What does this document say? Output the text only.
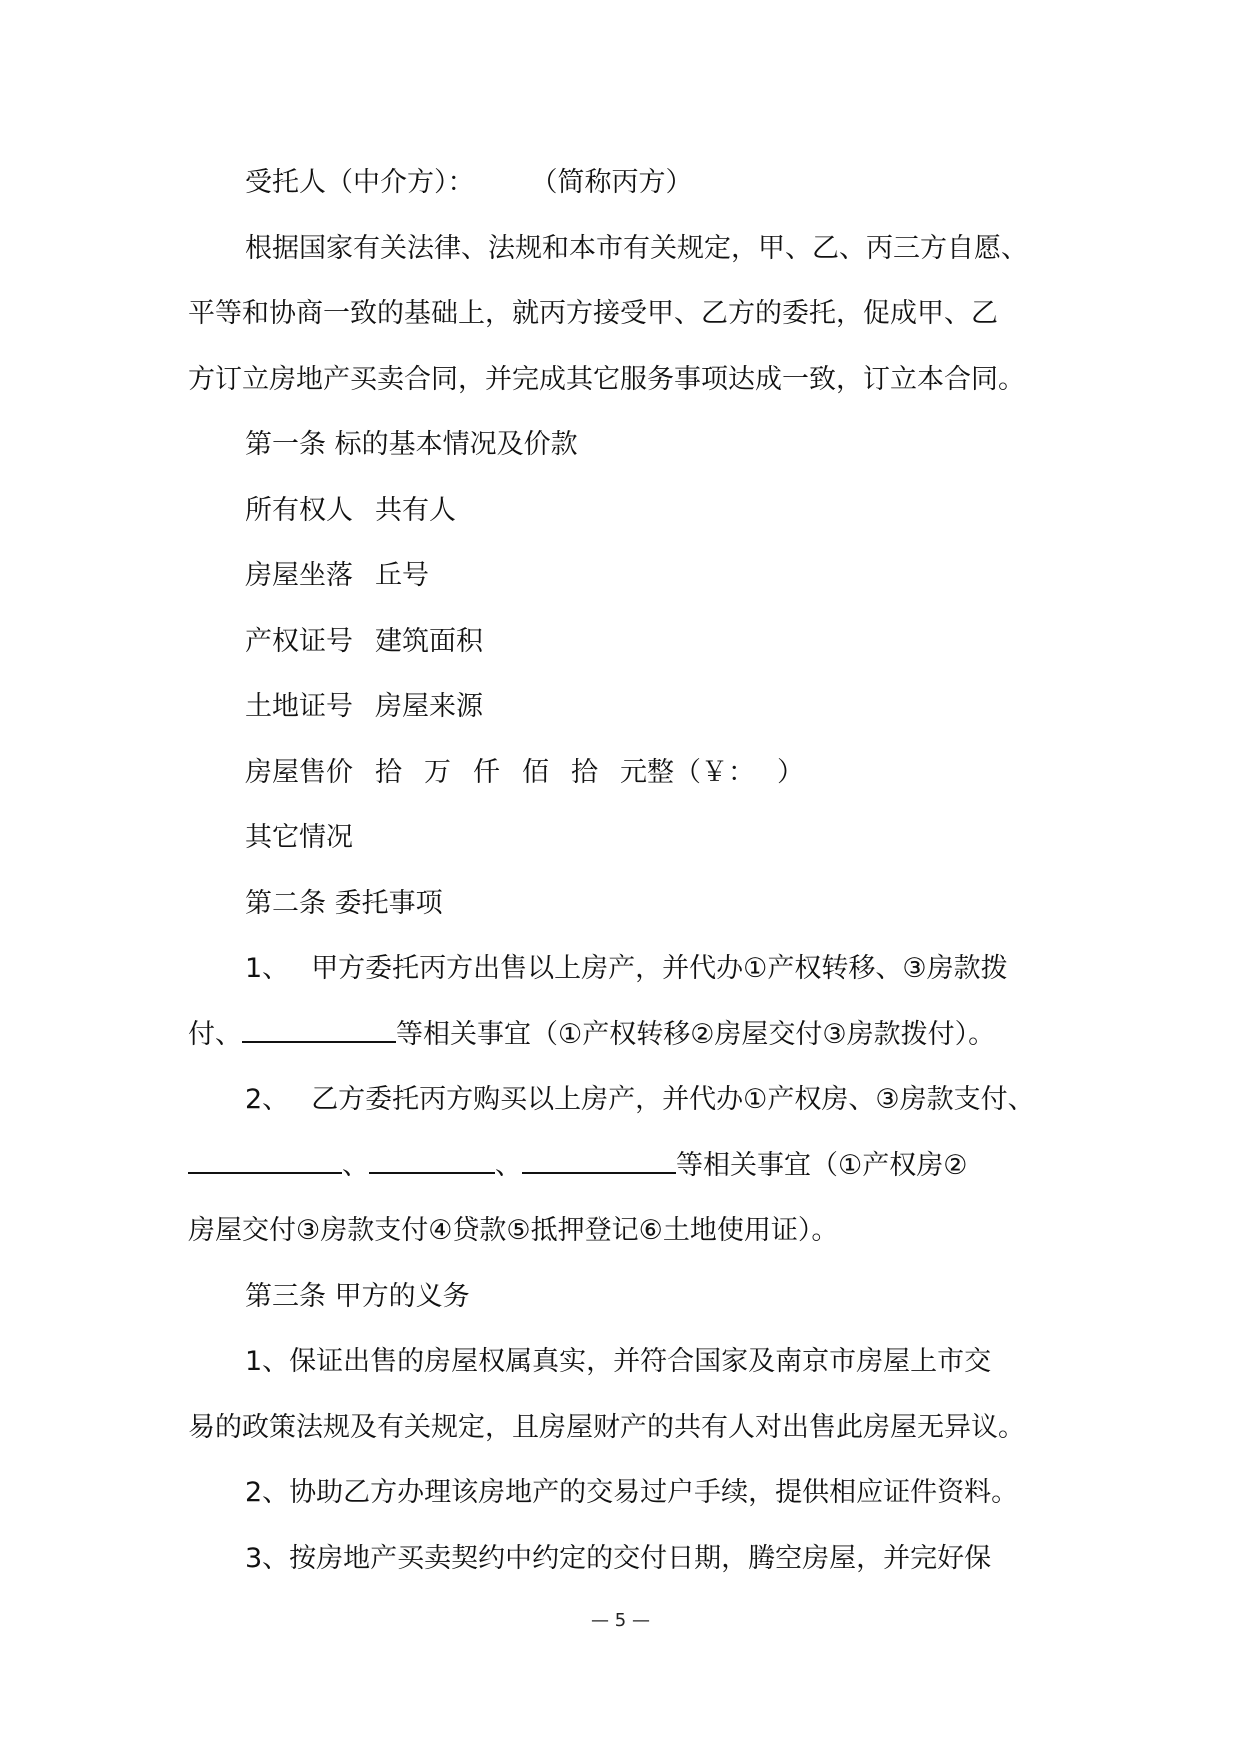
受托人（中介方）： （简称丙方）

根据国家有关法律、法规和本市有关规定，甲、乙、丙三方自愿、

平等和协商一致的基础上，就丙方接受甲、乙方的委托，促成甲、乙

方订立房地产买卖合同，并完成其它服务事项达成一致，订立本合同。

第一条 标的基本情况及价款

所有权人 共有人

房屋坐落 丘号

产权证号 建筑面积

土地证号 房屋来源

房屋售价 拾 万 仟 佰 拾 元整（￥： ）

其它情况

第二条 委托事项

1、 甲方委托丙方出售以上房产，并代办①产权转移、③房款拨

付、	等相关事宜（①产权转移②房屋交付③房款拨付）。

2、 乙方委托丙方购买以上房产，并代办①产权房、③房款支付、

、	、	等相关事宜（①产权房②

房屋交付③房款支付④贷款⑤抵押登记⑥土地使用证）。

第三条 甲方的义务

1、保证出售的房屋权属真实，并符合国家及南京市房屋上市交

易的政策法规及有关规定，且房屋财产的共有人对出售此房屋无异议。

2、协助乙方办理该房地产的交易过户手续，提供相应证件资料。

3、按房地产买卖契约中约定的交付日期，腾空房屋，并完好保

— 5 —
